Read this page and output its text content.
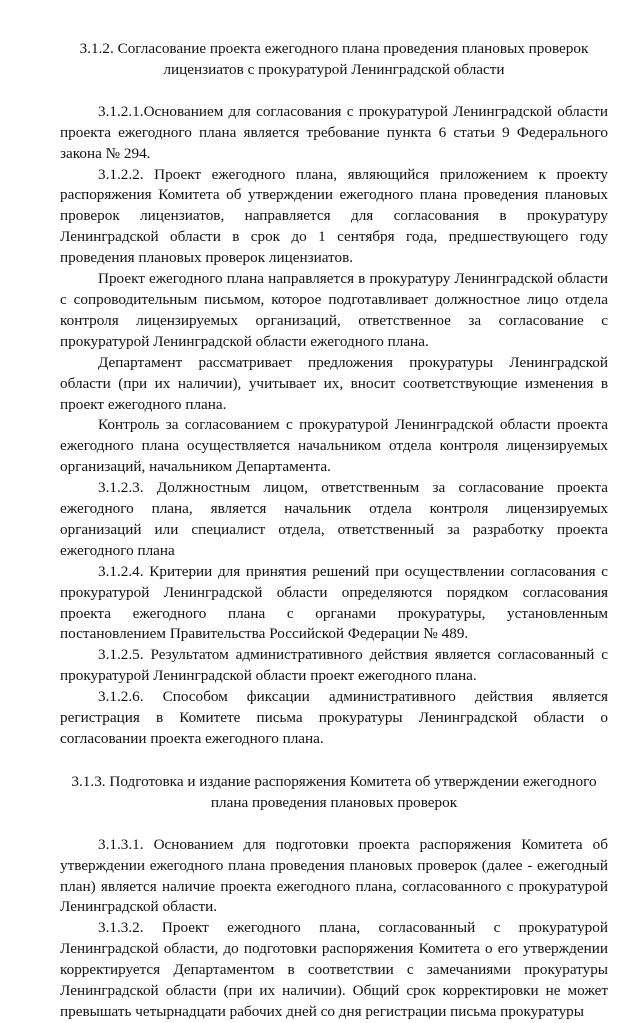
3.1.2. Согласование проекта ежегодного плана проведения плановых проверок лицензиатов с прокуратурой Ленинградской области

3.1.2.1.Основанием для согласования с прокуратурой Ленинградской области проекта ежегодного плана является требование пункта 6 статьи 9 Федерального закона № 294.

3.1.2.2. Проект ежегодного плана, являющийся приложением к проекту распоряжения Комитета об утверждении ежегодного плана проведения плановых проверок лицензиатов, направляется для согласования в прокуратуру Ленинградской области в срок до 1 сентября года, предшествующего году проведения плановых проверок лицензиатов.

Проект ежегодного плана направляется в прокуратуру Ленинградской области с сопроводительным письмом, которое подготавливает должностное лицо отдела контроля лицензируемых организаций, ответственное за согласование с прокуратурой Ленинградской области ежегодного плана.

Департамент рассматривает предложения прокуратуры Ленинградской области (при их наличии), учитывает их, вносит соответствующие изменения в проект ежегодного плана.

Контроль за согласованием с прокуратурой Ленинградской области проекта ежегодного плана осуществляется начальником отдела контроля лицензируемых организаций, начальником Департамента.

3.1.2.3. Должностным лицом, ответственным за согласование проекта ежегодного плана, является начальник отдела контроля лицензируемых организаций или специалист отдела, ответственный за разработку проекта ежегодного плана

3.1.2.4. Критерии для принятия решений при осуществлении согласования с прокуратурой Ленинградской области определяются порядком согласования проекта ежегодного плана с органами прокуратуры, установленным постановлением Правительства Российской Федерации № 489.

3.1.2.5. Результатом административного действия является согласованный с прокуратурой Ленинградской области проект ежегодного плана.

3.1.2.6. Способом фиксации административного действия является регистрация в Комитете письма прокуратуры Ленинградской области о согласовании проекта ежегодного плана.

3.1.3. Подготовка и издание распоряжения Комитета об утверждении ежегодного плана проведения плановых проверок

3.1.3.1. Основанием для подготовки проекта распоряжения Комитета об утверждении ежегодного плана проведения плановых проверок (далее - ежегодный план) является наличие проекта ежегодного плана, согласованного с прокуратурой Ленинградской области.

3.1.3.2. Проект ежегодного плана, согласованный с прокуратурой Ленинградской области, до подготовки распоряжения Комитета о его утверждении корректируется Департаментом в соответствии с замечаниями прокуратуры Ленинградской области (при их наличии). Общий срок корректировки не может превышать четырнадцати рабочих дней со дня регистрации письма прокуратуры
